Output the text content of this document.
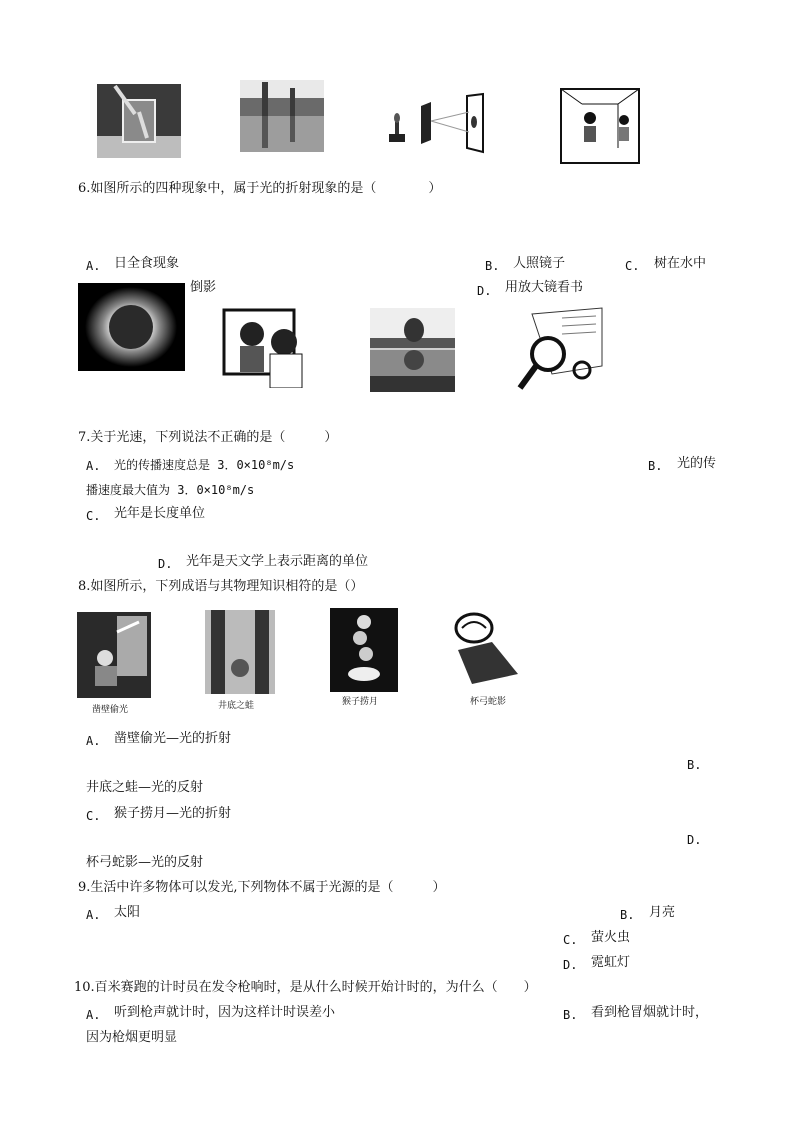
6.如图所示的四种现象中，属于光的折射现象的是（　　　　）
A. 日全食现象	B. 人照镜子	C. 树在水中
倒影	D. 用放大镜看书
7.关于光速，下列说法不正确的是（　　　）
A. 光的传播速度总是 3．0×10⁸m/s	B. 光的传
播速度最大值为 3．0×10⁸m/s
C. 光年是长度单位
D. 光年是天文学上表示距离的单位
8.如图所示，下列成语与其物理知识相符的是（）
凿壁偷光	井底之蛙	猴子捞月	杯弓蛇影
A. 凿壁偷光—光的折射
B.
井底之蛙—光的反射
C. 猴子捞月—光的折射
D.
杯弓蛇影—光的反射
9.生活中许多物体可以发光,下列物体不属于光源的是（　　　）
A. 太阳	B. 月亮
C. 萤火虫
D. 霓虹灯
10.百米赛跑的计时员在发令枪响时，是从什么时候开始计时的，为什么（　　）
A. 听到枪声就计时，因为这样计时误差小	B. 看到枪冒烟就计时，
因为枪烟更明显
